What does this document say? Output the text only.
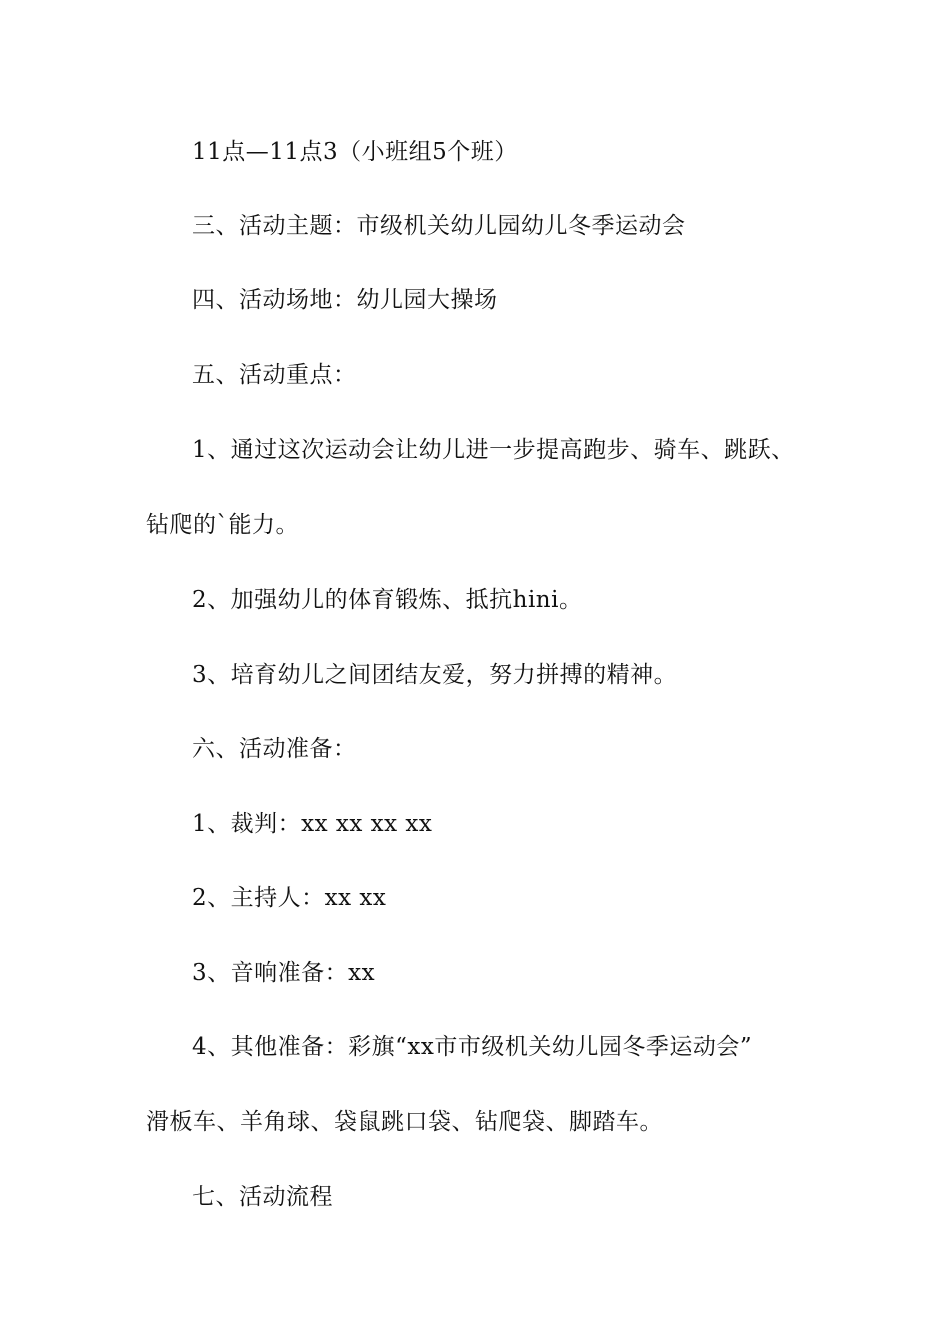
11点—11点3（小班组5个班）
三、活动主题：市级机关幼儿园幼儿冬季运动会
四、活动场地：幼儿园大操场
五、活动重点：
1、通过这次运动会让幼儿进一步提高跑步、骑车、跳跃、
钻爬的`能力。
2、加强幼儿的体育锻炼、抵抗hini。
3、培育幼儿之间团结友爱，努力拼搏的精神。
六、活动准备：
1、裁判：xx xx xx xx
2、主持人：xx xx
3、音响准备：xx
4、其他准备：彩旗“xx市市级机关幼儿园冬季运动会”
滑板车、羊角球、袋鼠跳口袋、钻爬袋、脚踏车。
七、活动流程
